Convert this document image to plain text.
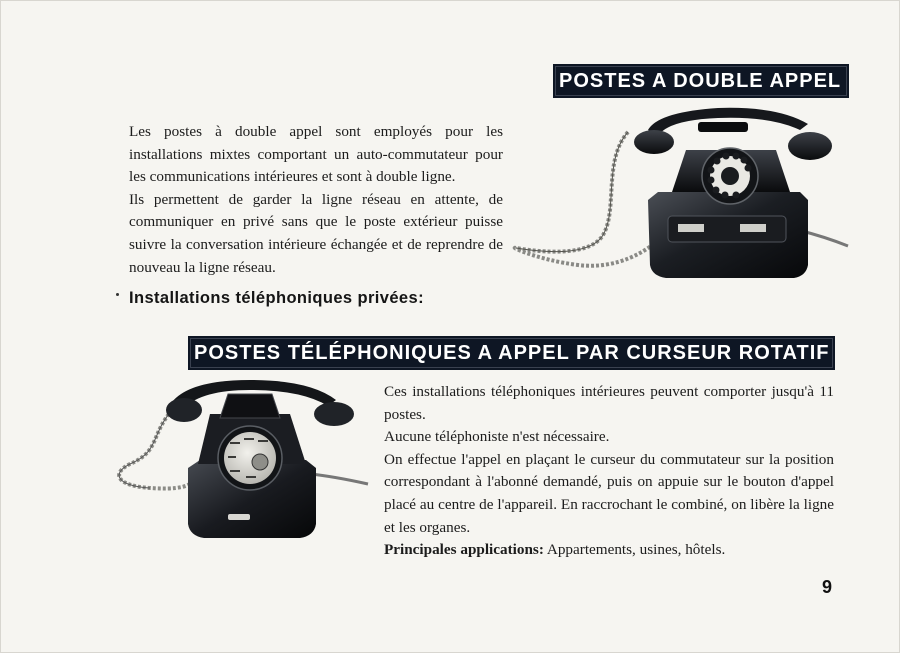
POSTES A DOUBLE APPEL

Les postes à double appel sont employés pour les installations mixtes comportant un auto-commutateur pour les communications intérieures et sont à double ligne.

Ils permettent de garder la ligne réseau en attente, de communiquer en privé sans que le poste extérieur puisse suivre la conversation intérieure échangée et de reprendre de nouveau la ligne réseau.

Installations téléphoniques privées:
POSTES TÉLÉPHONIQUES A APPEL PAR CURSEUR ROTATIF

Ces installations téléphoniques intérieures peuvent comporter jusqu'à 11 postes.

Aucune téléphoniste n'est nécessaire.

On effectue l'appel en plaçant le curseur du commutateur sur la position correspondant à l'abonné demandé, puis on appuie sur le bouton d'appel placé au centre de l'appareil. En raccrochant le combiné, on libère la ligne et les organes.

Principales applications: Appartements, usines, hôtels.

9
